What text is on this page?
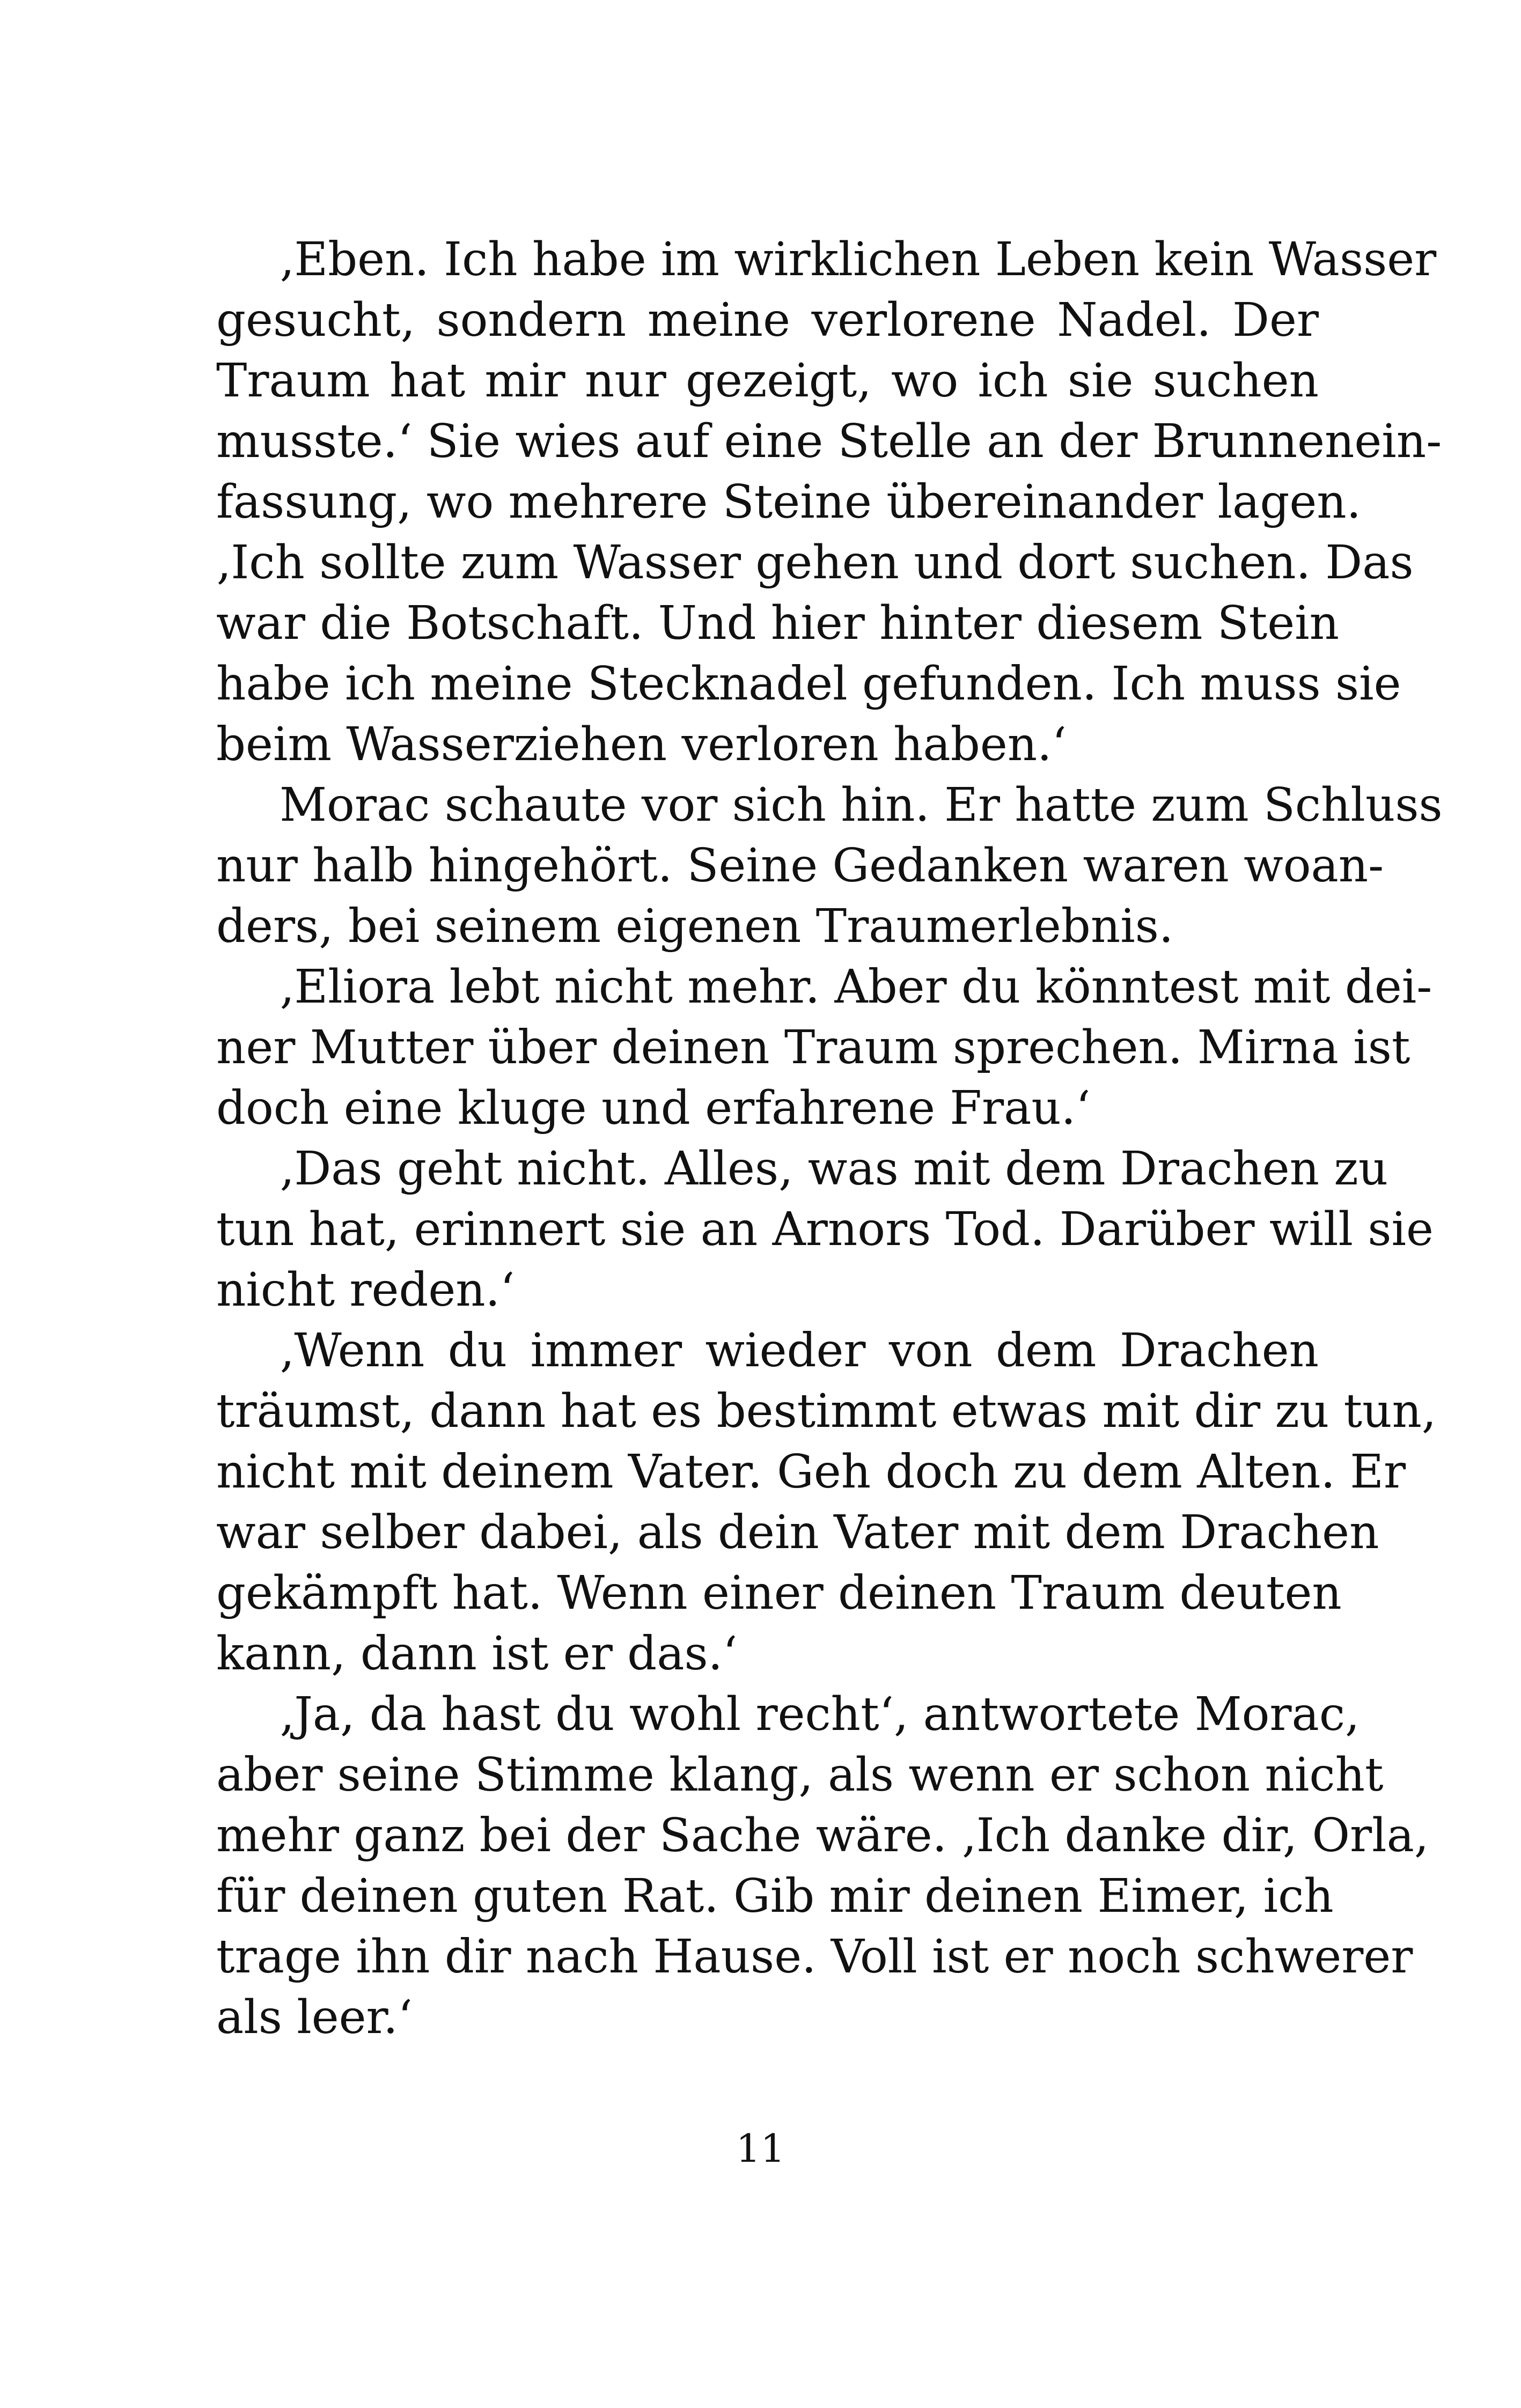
‚Eben. Ich habe im wirklichen Leben kein Wasser
gesucht, sondern meine verlorene Nadel. Der
Traum hat mir nur gezeigt, wo ich sie suchen
musste.‘ Sie wies auf eine Stelle an der Brunnenein-
fassung, wo mehrere Steine übereinander lagen.
‚Ich sollte zum Wasser gehen und dort suchen. Das
war die Botschaft. Und hier hinter diesem Stein
habe ich meine Stecknadel gefunden. Ich muss sie
beim Wasserziehen verloren haben.‘

Morac schaute vor sich hin. Er hatte zum Schluss
nur halb hingehört. Seine Gedanken waren woan-
ders, bei seinem eigenen Traumerlebnis.

‚Eliora lebt nicht mehr. Aber du könntest mit dei-
ner Mutter über deinen Traum sprechen. Mirna ist
doch eine kluge und erfahrene Frau.‘

‚Das geht nicht. Alles, was mit dem Drachen zu
tun hat, erinnert sie an Arnors Tod. Darüber will sie
nicht reden.‘

‚Wenn du immer wieder von dem Drachen
träumst, dann hat es bestimmt etwas mit dir zu tun,
nicht mit deinem Vater. Geh doch zu dem Alten. Er
war selber dabei, als dein Vater mit dem Drachen
gekämpft hat. Wenn einer deinen Traum deuten
kann, dann ist er das.‘

‚Ja, da hast du wohl recht‘, antwortete Morac,
aber seine Stimme klang, als wenn er schon nicht
mehr ganz bei der Sache wäre. ‚Ich danke dir, Orla,
für deinen guten Rat. Gib mir deinen Eimer, ich
trage ihn dir nach Hause. Voll ist er noch schwerer
als leer.‘

11
